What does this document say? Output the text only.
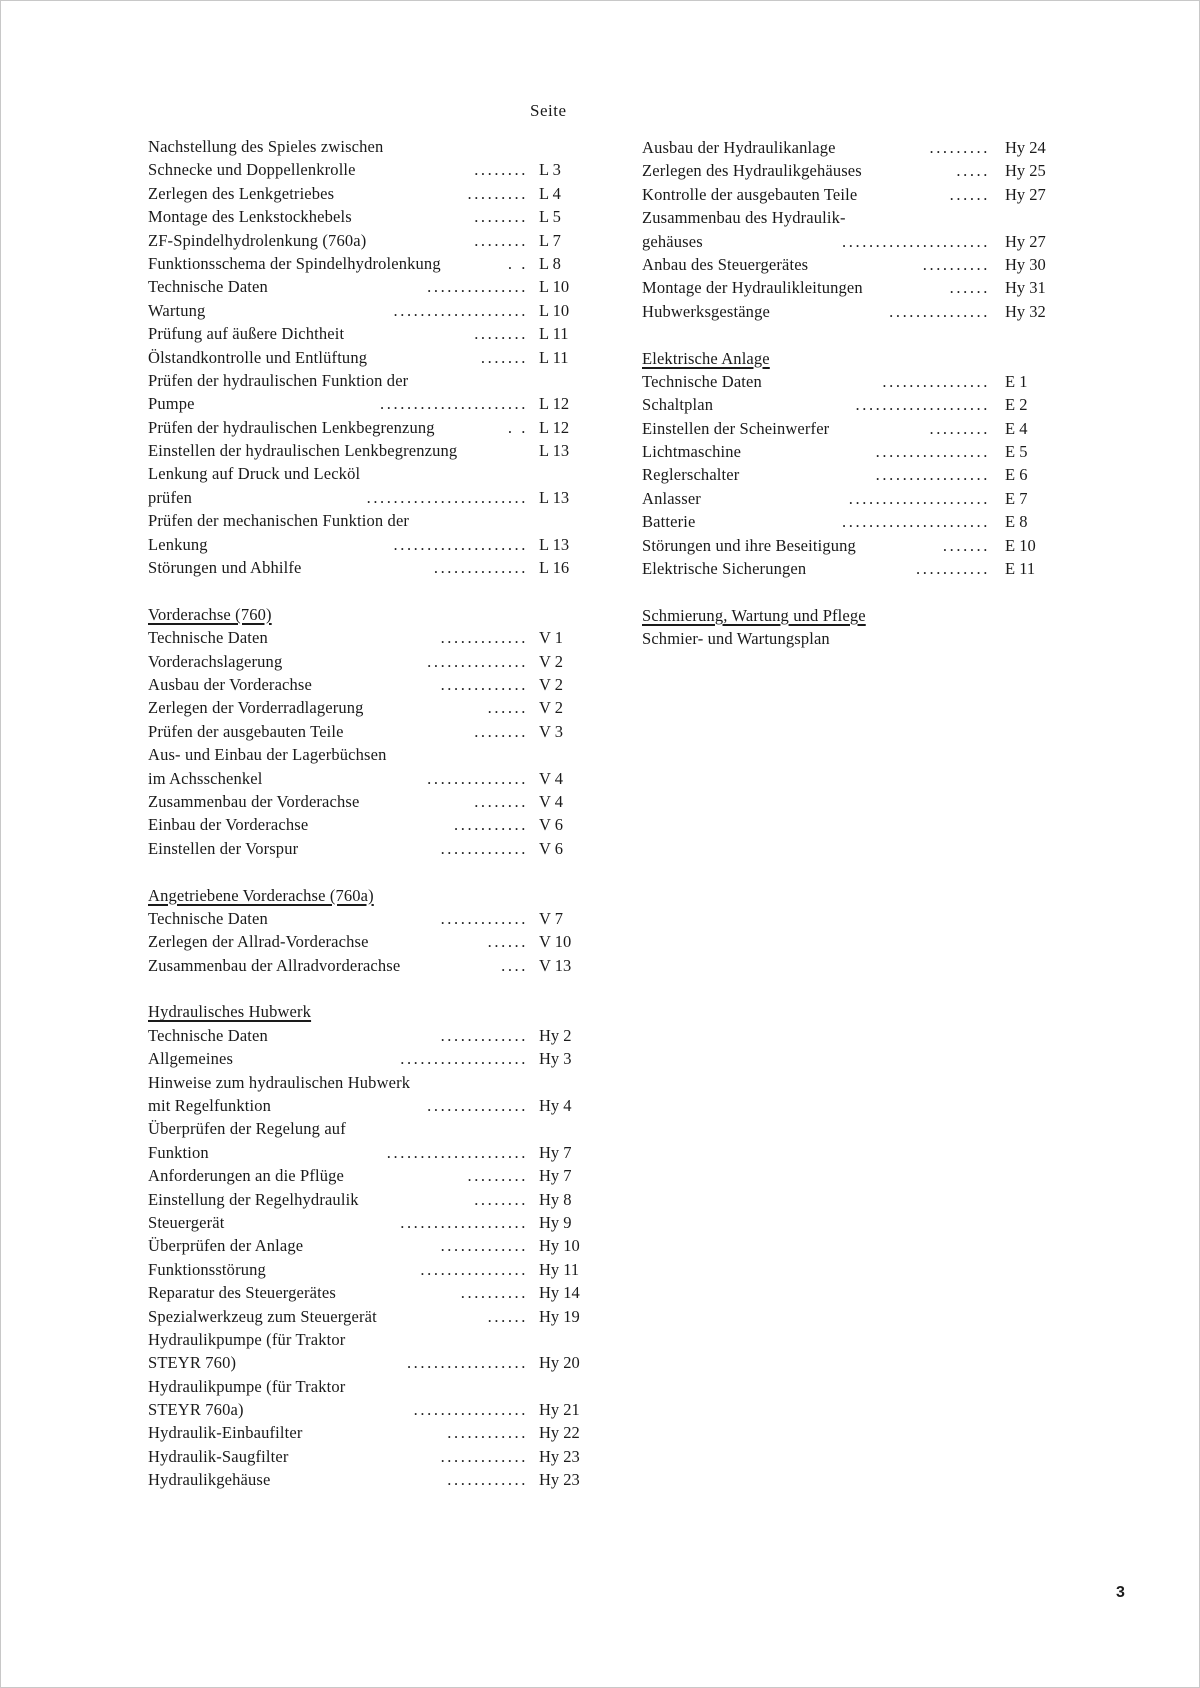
Seite
Nachstellung des Spieles zwischen
Schnecke und Doppellenkrolle	........ L 3
Zerlegen des Lenkgetriebes	......... L 4
Montage des Lenkstockhebels	........ L 5
ZF-Spindelhydrolenkung (760a)	........ L 7
Funktionsschema der Spindelhydrolenkung	. . L 8
Technische Daten	............... L 10
Wartung	.................... L 10
Prüfung auf äußere Dichtheit	........ L 11
Ölstandkontrolle und Entlüftung	....... L 11
Prüfen der hydraulischen Funktion der
Pumpe	...................... L 12
Prüfen der hydraulischen Lenkbegrenzung	. . L 12
Einstellen der hydraulischen Lenkbegrenzung	L 13
Lenkung auf Druck und Lecköl
prüfen	........................ L 13
Prüfen der mechanischen Funktion der
Lenkung	.................... L 13
Störungen und Abhilfe	.............. L 16
Vorderachse (760)
Technische Daten	............. V 1
Vorderachslagerung	............... V 2
Ausbau der Vorderachse	............. V 2
Zerlegen der Vorderradlagerung	...... V 2
Prüfen der ausgebauten Teile	........ V 3
Aus- und Einbau der Lagerbüchsen
im Achsschenkel	............... V 4
Zusammenbau der Vorderachse	........ V 4
Einbau der Vorderachse	........... V 6
Einstellen der Vorspur	............. V 6
Angetriebene Vorderachse (760a)
Technische Daten	............. V 7
Zerlegen der Allrad-Vorderachse	...... V 10
Zusammenbau der Allradvorderachse	.... V 13
Hydraulisches Hubwerk
Technische Daten	............. Hy 2
Allgemeines	................... Hy 3
Hinweise zum hydraulischen Hubwerk
mit Regelfunktion	............... Hy 4
Überprüfen der Regelung auf
Funktion	..................... Hy 7
Anforderungen an die Pflüge	......... Hy 7
Einstellung der Regelhydraulik	........ Hy 8
Steuergerät	................... Hy 9
Überprüfen der Anlage	............. Hy 10
Funktionsstörung	................ Hy 11
Reparatur des Steuergerätes	.......... Hy 14
Spezialwerkzeug zum Steuergerät	...... Hy 19
Hydraulikpumpe (für Traktor
STEYR 760)	.................. Hy 20
Hydraulikpumpe (für Traktor
STEYR 760a)	................. Hy 21
Hydraulik-Einbaufilter	............ Hy 22
Hydraulik-Saugfilter	............. Hy 23
Hydraulikgehäuse	............ Hy 23
Ausbau der Hydraulikanlage	......... Hy 24
Zerlegen des Hydraulikgehäuses	..... Hy 25
Kontrolle der ausgebauten Teile	...... Hy 27
Zusammenbau des Hydraulik-
gehäuses	...................... Hy 27
Anbau des Steuergerätes	.......... Hy 30
Montage der Hydraulikleitungen	...... Hy 31
Hubwerksgestänge	............... Hy 32
Elektrische Anlage
Technische Daten	................ E 1
Schaltplan	.................... E 2
Einstellen der Scheinwerfer	......... E 4
Lichtmaschine	................. E 5
Reglerschalter	................. E 6
Anlasser	..................... E 7
Batterie	...................... E 8
Störungen und ihre Beseitigung	....... E 10
Elektrische Sicherungen	........... E 11
Schmierung, Wartung und Pflege
Schmier- und Wartungsplan
3
